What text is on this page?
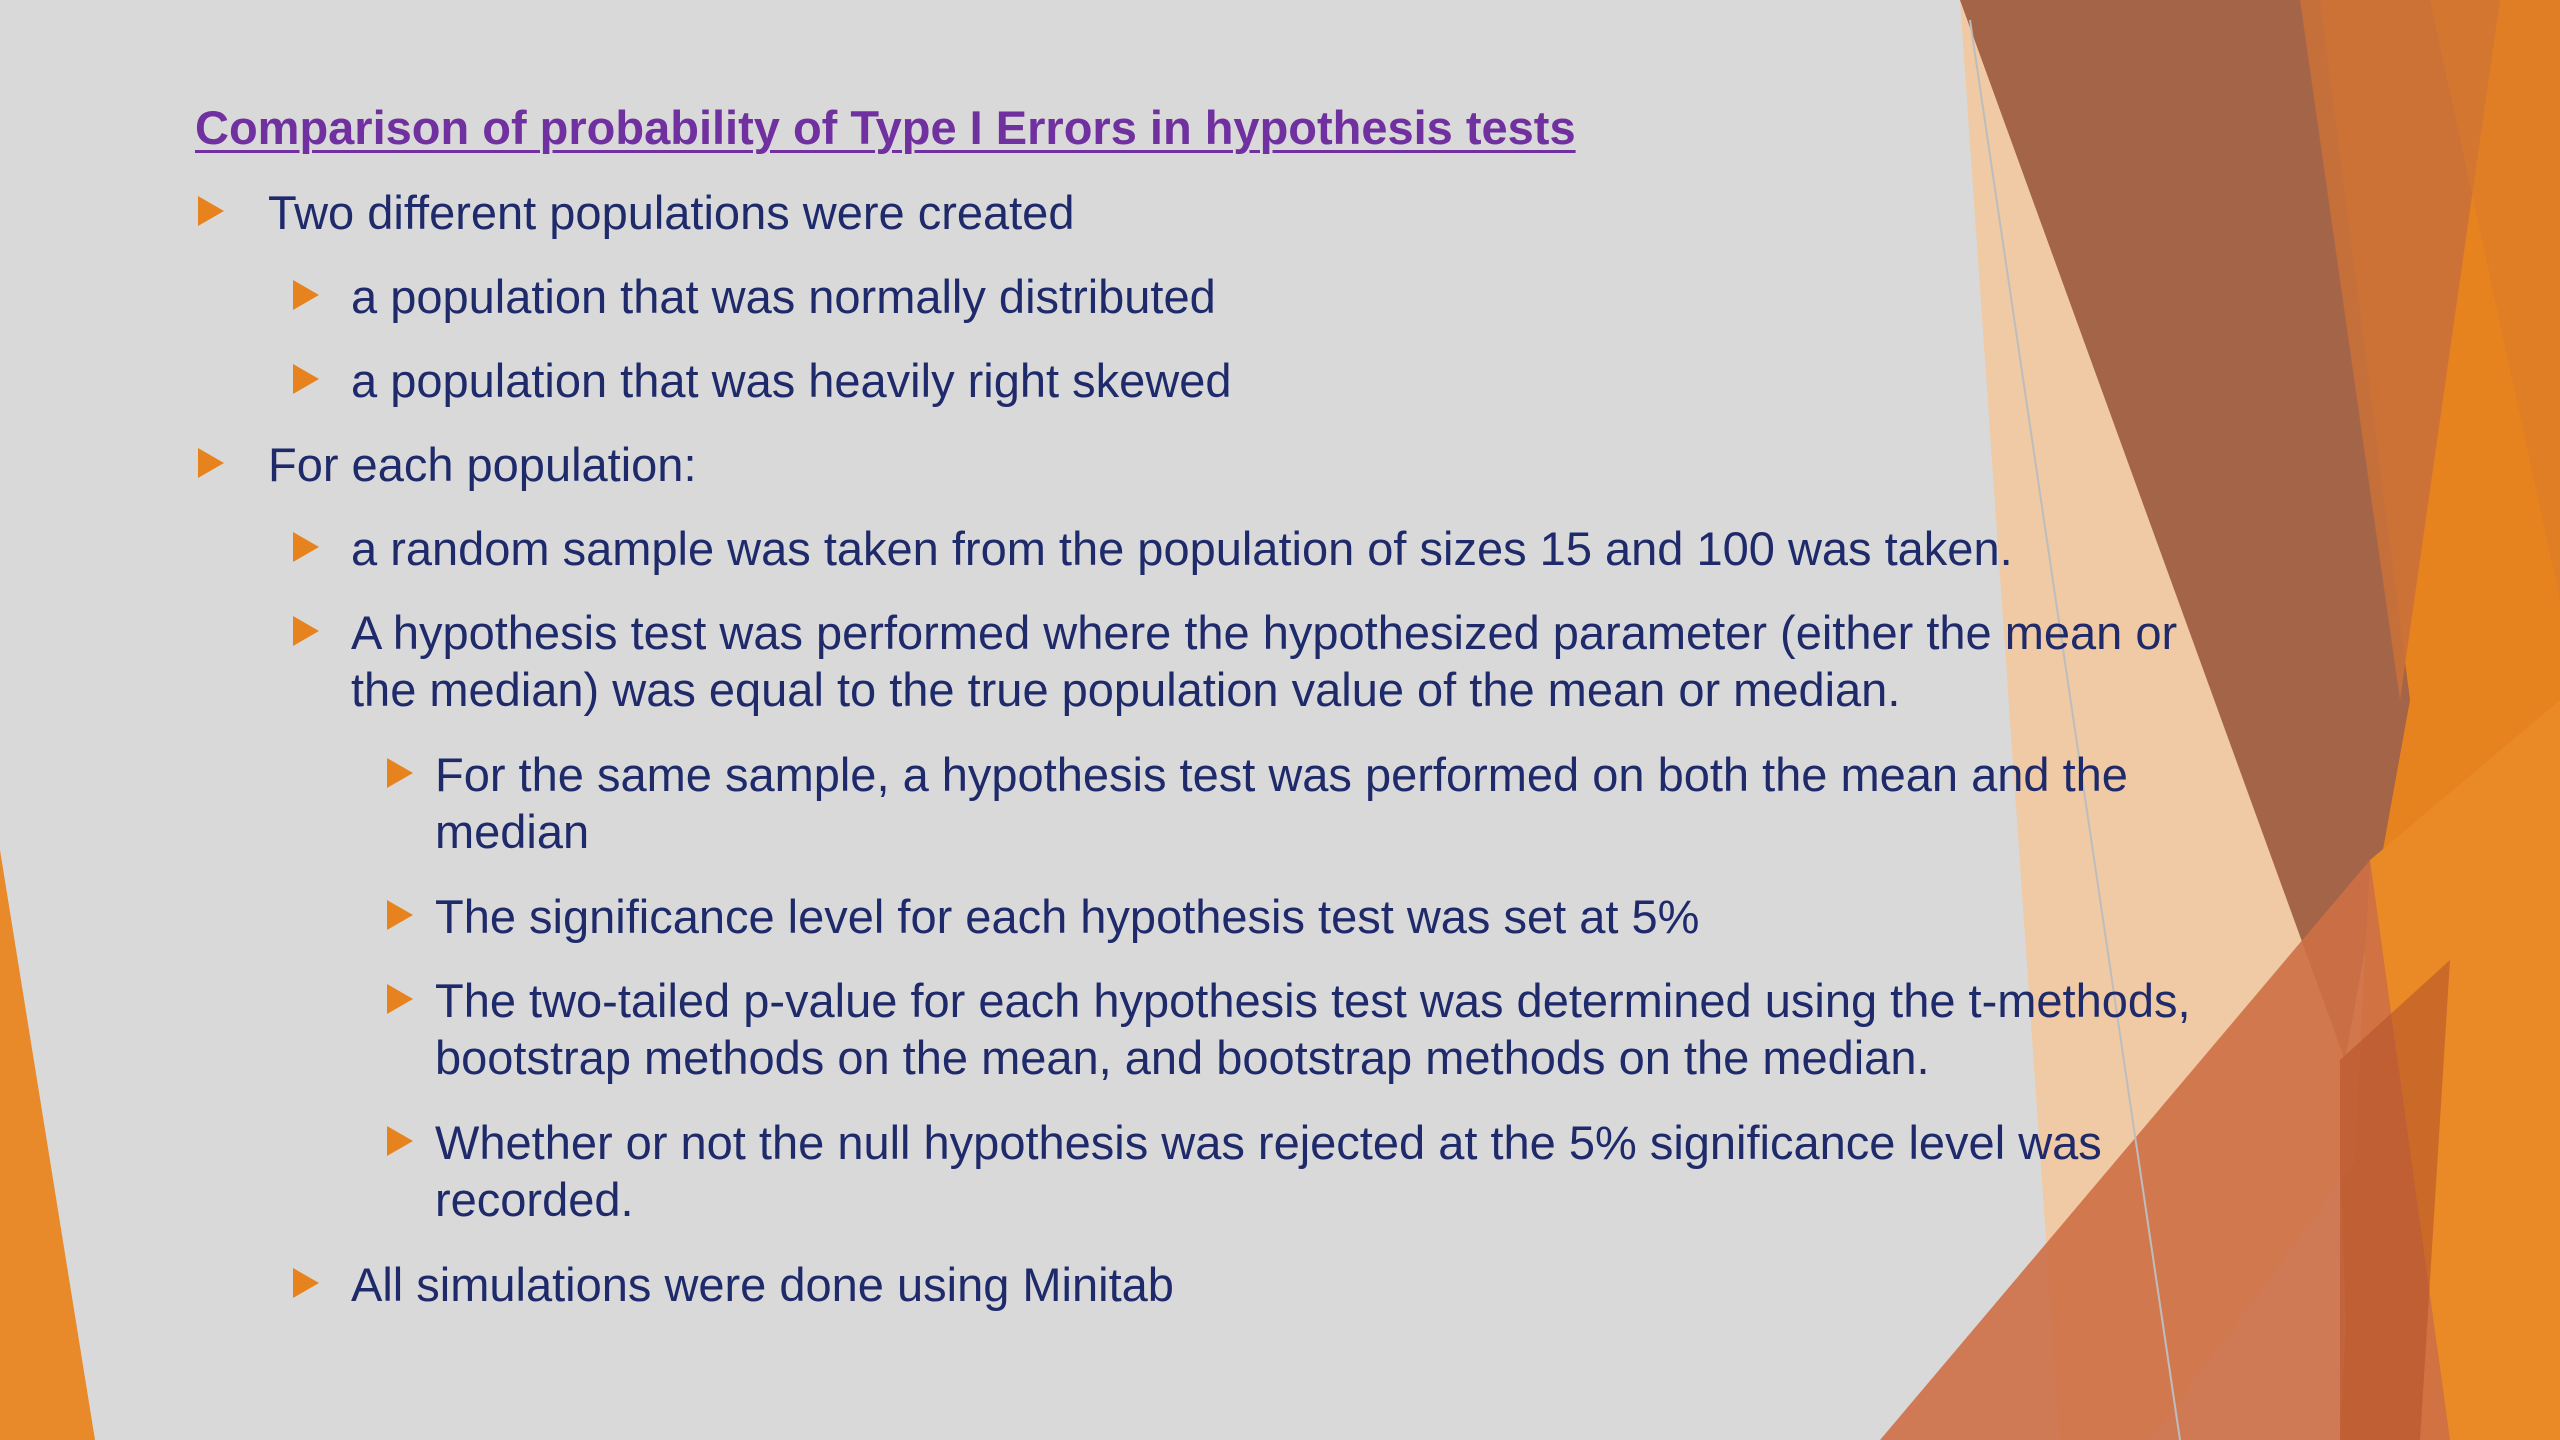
Comparison of probability of Type I Errors in hypothesis tests
Two different populations were created
a population that was normally distributed
a population that was heavily right skewed
For each population:
a random sample was taken from the population of sizes 15 and 100 was taken.
A hypothesis test was performed where the hypothesized parameter (either the mean or the median) was equal to the true population value of the mean or median.
For the same sample, a hypothesis test was performed on both the mean and the median
The significance level for each hypothesis test was set at 5%
The two-tailed p-value for each hypothesis test was determined using the t-methods, bootstrap methods on the mean, and bootstrap methods on the median.
Whether or not the null hypothesis was rejected at the 5% significance level was recorded.
All simulations were done using Minitab
